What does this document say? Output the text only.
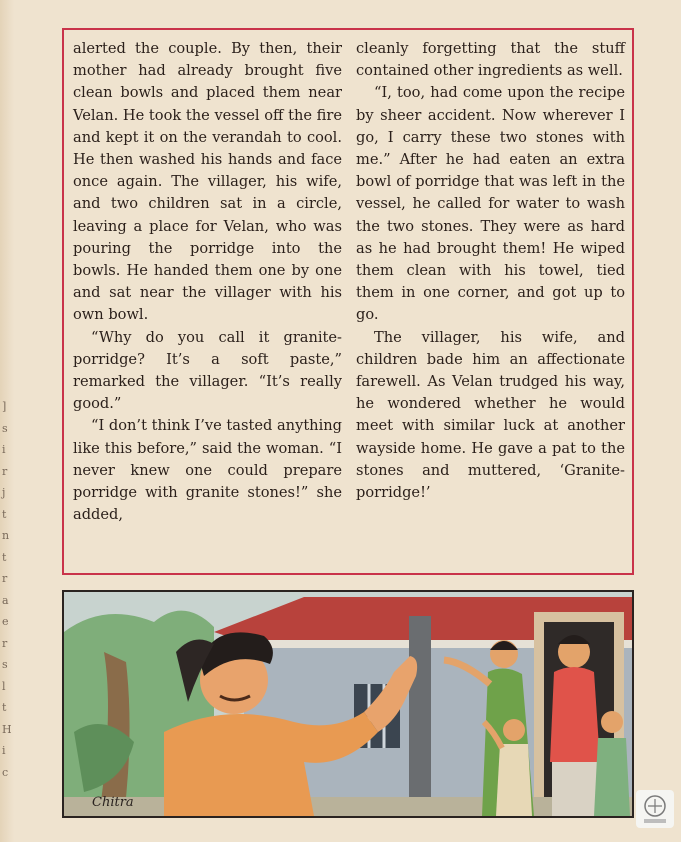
]
s
i
r
j
t
n
t
r
a
e
r
s
l
t
H
i
c

alerted the couple. By then, their mother had already brought five clean bowls and placed them near Velan. He took the vessel off the fire and kept it on the verandah to cool. He then washed his hands and face once again. The villager, his wife, and two children sat in a circle, leaving a place for Velan, who was pouring the porridge into the bowls. He handed them one by one and sat near the villager with his own bowl.

“Why do you call it granite-porridge? It’s a soft paste,” remarked the villager. “It’s really good.”

“I don’t think I’ve tasted anything like this before,” said the woman. “I never knew one could prepare porridge with granite stones!” she added,

cleanly forgetting that the stuff contained other ingredients as well.

“I, too, had come upon the recipe by sheer accident. Now wherever I go, I carry these two stones with me.” After he had eaten an extra bowl of porridge that was left in the vessel, he called for water to wash the two stones. They were as hard as he had brought them! He wiped them clean with his towel, tied them in one corner, and got up to go.

The villager, his wife, and children bade him an affectionate farewell. As Velan trudged his way, he wondered whether he would meet with similar luck at another wayside home. He gave a pat to the stones and muttered, ‘Granite-porridge!’

Chitra
